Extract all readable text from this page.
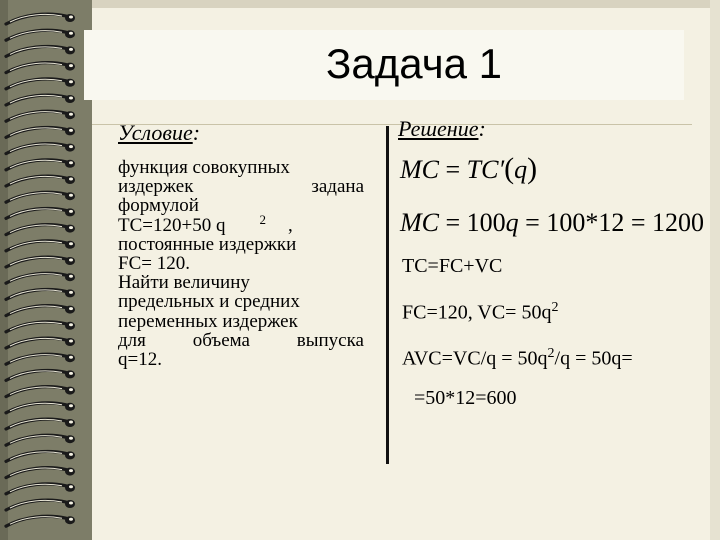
Задача 1
Условие:
функция совокупных
издержек	задана
формулой
TC=120+50 q	$^2$ ,
постоянные издержки
FC= 120.
Найти величину
предельных и средних
переменных издержек
для объема выпуска
q=12.
Решение:
MC = TC′(q)
MC = 100q = 100*12 = 1200
TC=FC+VC
FC=120, $VC= 50q^2$
$AVC=VC/q = 50q^2/q = 50q=$
=50*12=600
